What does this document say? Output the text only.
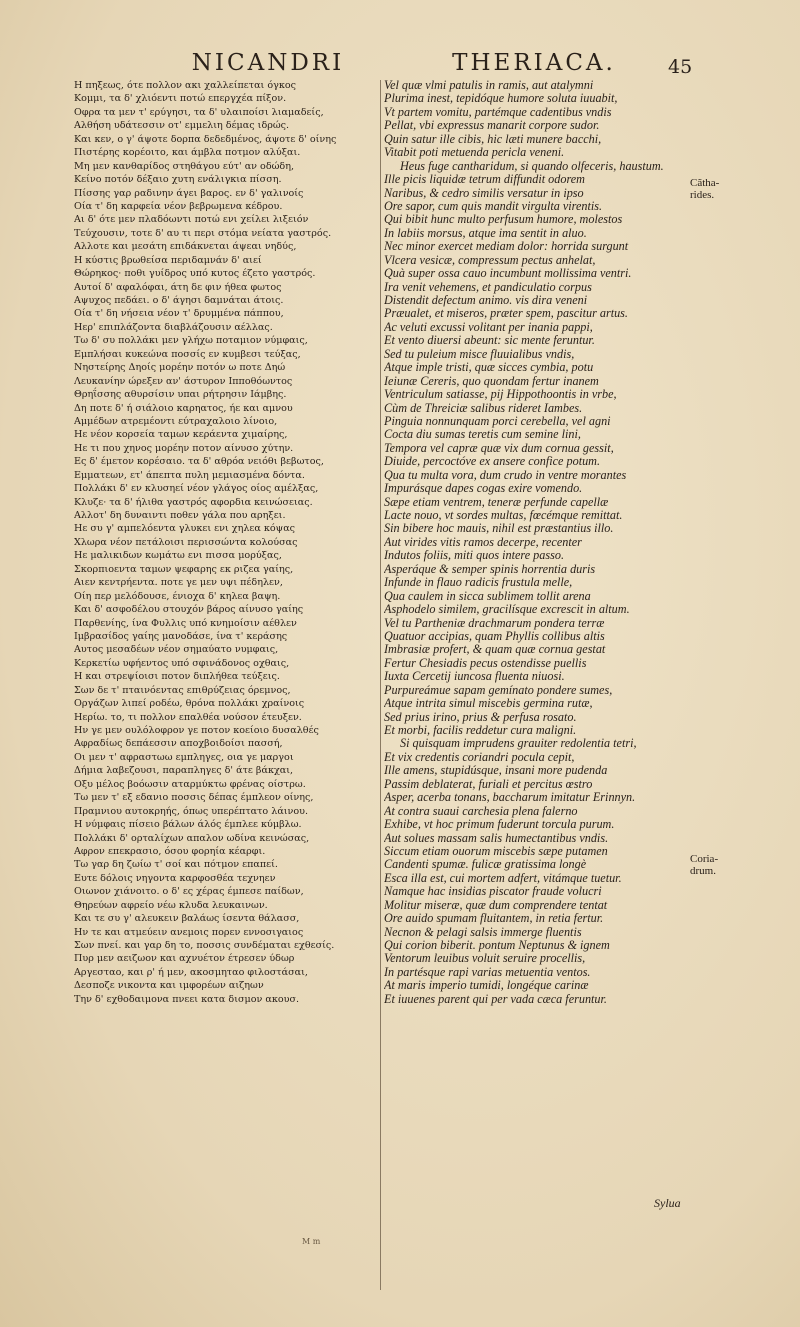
NICANDRI	THERIACA.	45
Η πηξεως, ότε πολλον ακι χαλλείπεται όγκος
Κομμι, τα δ' χλιόεντι ποτώ επεργχέα πίξον.
Οφρα τα μεν τ' ερύγησι, τα δ' υλαιποίσι λιαμαδείς,
Αλθήση υδάτεσσιν οτ' εμμελιη δέμας ιδρώς.
Και κεν, ο γ' άψοτε δορπα δεδεδμένος, άψοτε δ' οίνης
Πιστέρης κορέοιτο, και άμβλα ποτμον αλύξαι.
Μη μεν κανθαρίδος στηθάγου εύτ' αν οδώδη,
Κείνο ποτόν δέξαιο χυτη ενάλιγκια πίσση.
Πίσσης γαρ ραδινην άγει βαρος. εν δ' γαλινοίς
Οία τ' δη καρφεία νέον βεβρωμενα κέδρου.
Αι δ' ότε μεν πλαδόωντι ποτώ ενι χείλει λιξειόν
Τεύχουσιν, τοτε δ' αυ τι περι στόμα νείατα γαστρός.
Αλλοτε και μεσάτη επιδάκνεται άψεαι νηδύς,
Η κύστις βρωθείσα περιδαμνάν δ' αιεί
Θώρηκος· ποθι γυίδρος υπό κυτος έζετο γαστρός.
Αυτοί δ' αφαλόφαι, άτη δε φιν ήθεα φωτος
Αψυχος πεδάει. ο δ' άγησι δαμνάται άτοις.
Οία τ' δη νήσεια νέον τ' δρυμμένα πάππου,
Ηερ' επιπλάζοντα διαβλάζουσιν αέλλας.
Τω δ' συ πολλάκι μεν γλήχω ποταμιον νύμφαις,
Εμπλήσαι κυκεώνα ποσσίς εν κυμβεσι τεύξας,
Νηστείρης Δηοίς μορέην ποτόν ω ποτε Δηώ
Λευκανίην ώρεξεν αν' άστυρον Ιπποθόωντος
Θρηΐσσης αθυρσίσιν υπαι ρήτρησιν Ιάμβης.
Δη ποτε δ' ή σιάλοιο καρηατος, ήε και αμνου
Αμμέδων ατρεμέοντι εύτραχαλοιο λίνοιο,
Ηε νέον κορσεία ταμων κεράεντα χιμαίρης,
Ηε τι που χηνος μορέην ποτον αίνυσο χύτην.
Ες δ' έμετον κορέσαιο. τα δ' αθρόα νειόθι βεβωτος,
Εμματεων, ετ' άπεπτα πυλη μεμιασμένα δόντα.
Πολλάκι δ' εν κλυσηεί νέον γλάγος οίος αμέλξας,
Κλυζε· τα δ' ήλιθα γαστρός αφορδια κεινώσειας.
Αλλοτ' δη δυναιντι ποθεν γάλα που αρηξει.
Ηε συ γ' αμπελόεντα γλυκει ενι χηλεα κόψας
Χλωρα νέον πετάλοισι περισσώντα κολούσας
Ηε μαλικιδων κωμάτω ενι πισσα μορύξας,
Σκορπιοεντα ταμων ψεφαρης εκ ριζεα γαίης,
Αιεν κεντρήεντα. ποτε γε μεν υψι πέδηλεν,
Οίη περ μελόδουσε, ένιοχα δ' κηλεα βαψη.
Και δ' ασφοδέλου στουχόν βάρος αίνυσο γαίης
Παρθενίης, ίνα Φυλλις υπό κνημοίσιν αέθλεν
Ιμβρασίδος γαίης μανοδάσε, ίνα τ' κεράσης
Αυτος μεσαδέων νέον σημαύατο νυμφαις,
Κερκετίω υφήεντος υπό σφινάδονος οχθαις,
Η και στρεψίοισι ποτον διπλήθεα τεύξεις.
Σων δε τ' πταινόεντας επιθρύζειας όρεμνος,
Οργάζων λιπεί ροδέω, θρόνα πολλάκι χραίνοις
Ηερίω. το, τι πολλον επαλθέα νούσον έτευξεν.
Ην γε μεν ουλόλοφρον γε ποτον κοείοιο δυσαλθές
Αφραδίως δεπάεσσιν αποχβοιδοίσι πασσή,
Οι μεν τ' αφραστωω εμπληγες, οια γε μαργοι
Δήμια λαβεζουσι, παραπληγες δ' άτε βάκχαι,
Οξυ μέλος βοόωσιν αταρμύκτω φρένας οίστρω.
Τω μεν τ' εξ εδανιο ποσσις δέπας έμπλεον οίνης,
Πραμνιου αυτοκρηής, όπως υπερέπτατο λάινου.
Η νύμφαις πίσειο βάλων άλός έμπλεε κύμβλω.
Πολλάκι δ' ορταλίχων απαλον ωδίνα κεινώσας,
Αφρον επεκρασιο, όσου φορηία κέαρφι.
Τω γαρ δη ζωίω τ' σοί και πότμον επαπεί.
Ευτε δόλοις νηγοντα καρφοσθέα τεχνηεν
Οιωνον χιάνοιτο. ο δ' ες χέρας έμπεσε παίδων,
Θηρεύων αφρείο νέω κλυδα λευκαινων.
Και τε συ γ' αλευκειν βαλάως ίσεντα θάλασσ,
Ην τε και ατμεύειν ανεμοις πορεν εννοσιγαιος
Σων πνεί. και γαρ δη το, ποσσις συνδέμαται εχθεσίς.
Πυρ μεν αειζωον και αχνυέτον έτρεσεν ύδωρ
Αργεσταο, και ρ' ή μεν, ακοσμηταο φιλοστάσαι,
Δεσποζε νικοντα και ιμφορέων αιζηων
Την δ' εχθοδαιμονα πνεει κατα δισμον ακουσ.
Vel quæ vlmi patulis in ramis, aut atalymni
Plurima inest, tepidóque humore soluta iuuabit,
Vt partem vomitu, partémque cadentibus vndis
Pellat, vbi expressus manarit corpore sudor.
Quin satur ille cibis, hic læti munere bacchi,
Vitabit poti metuenda pericla veneni.
Heus fuge cantharidum, si quando olfeceris, haustum.
Ille picis liquidæ tetrum diffundit odorem
Naribus, & cedro similis versatur in ipso
Ore sapor, cum quis mandit virgulta virentis.
Qui bibit hunc multo perfusum humore, molestos
In labiis morsus, atque ima sentit in aluo.
Nec minor exercet mediam dolor: horrida surgunt
Vlcera vesicæ, compressum pectus anhelat,
Quà super ossa cauo incumbunt mollissima ventri.
Ira venit vehemens, et pandiculatio corpus
Distendit defectum animo. vis dira veneni
Præualet, et miseros, præter spem, pascitur artus.
Ac veluti excussi volitant per inania pappi,
Et vento diuersi abeunt: sic mente feruntur.
Sed tu puleium misce fluuialibus vndis,
Atque imple tristi, quæ sicces cymbia, potu
Ieiunæ Cereris, quo quondam fertur inanem
Ventriculum satiasse, pij Hippothoontis in vrbe,
Cùm de Threiciæ salibus rideret Iambes.
Pinguia nonnunquam porci cerebella, vel agni
Cocta diu sumas teretis cum semine lini,
Tempora vel capræ quæ vix dum cornua gessit,
Diuide, percoctóve ex ansere confice potum.
Qua tu multa vora, dum crudo in ventre morantes
Impurásque dapes cogas exire vomendo.
Sæpe etiam ventrem, teneræ perfunde capellæ
Lacte nouo, vt sordes multas, fœcémque remittat.
Sin bibere hoc mauis, nihil est præstantius illo.
Aut virides vitis ramos decerpe, recenter
Indutos foliis, miti quos intere passo.
Asperáque & semper spinis horrentia duris
Infunde in flauo radicis frustula melle,
Qua caulem in sicca sublimem tollit arena
Asphodelo similem, gracilísque excrescit in altum.
Vel tu Partheniæ drachmarum pondera terræ
Quatuor accipias, quam Phyllis collibus altis
Imbrasiæ profert, & quam quæ cornua gestat
Fertur Chesiadis pecus ostendisse puellis
Iuxta Cercetij iuncosa fluenta niuosi.
Purpureámue sapam gemínato pondere sumes,
Atque intrita simul miscebis germina rutæ,
Sed prius irino, prius & perfusa rosato.
Et morbi, facilis reddetur cura maligni.
Si quisquam imprudens grauiter redolentia tetri,
Et vix credentis coriandri pocula cepit,
Ille amens, stupidúsque, insani more pudenda
Passim deblaterat, furiali et percitus œstro
Asper, acerba tonans, baccharum imitatur Erinnyn.
At contra suaui carchesia plena falerno
Exhibe, vt hoc primum fuderunt torcula purum.
Aut solues massam salis humectantibus vndis.
Siccum etiam ouorum miscebis sæpe putamen
Candenti spumæ. fulicæ gratissima longè
Esca illa est, cui mortem adfert, vitámque tuetur.
Namque hac insidias piscator fraude volucri
Molitur miseræ, quæ dum comprendere tentat
Ore auido spumam fluitantem, in retia fertur.
Necnon & pelagi salsis immerge fluentis
Qui corion biberit. pontum Neptunus & ignem
Ventorum leuibus voluit seruire procellis,
In partésque rapi varias metuentia ventos.
At maris imperio tumidi, longéque carinæ
Et iuuenes parent qui per vada cæca feruntur.
Cãtha-
rides.
Coria-
drum.
Sylua
M m
